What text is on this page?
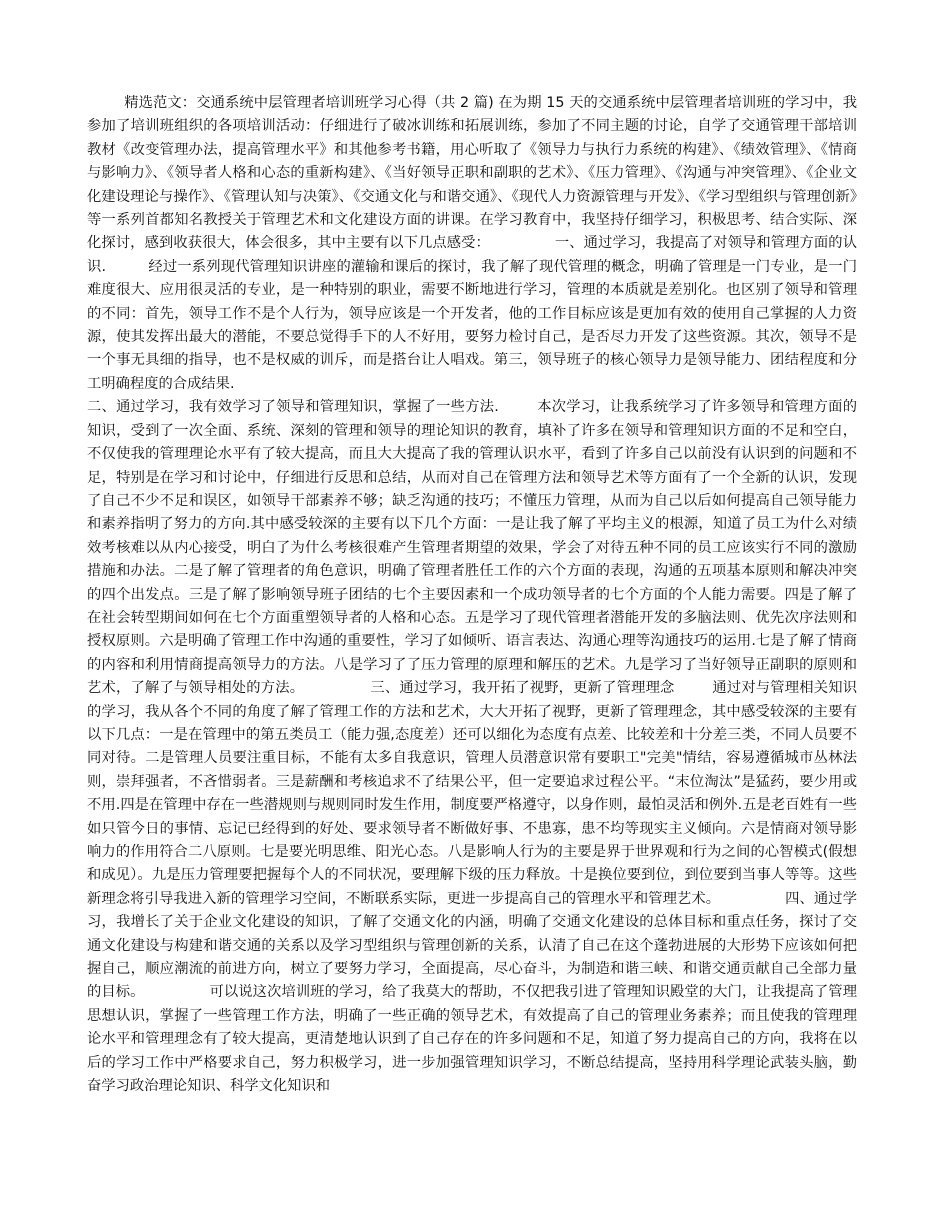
精选范文：交通系统中层管理者培训班学习心得（共 2 篇) 在为期 15 天的交通系统中层管理者培训班的学习中，我参加了培训班组织的各项培训活动：仔细进行了破冰训练和拓展训练，参加了不同主题的讨论，自学了交通管理干部培训教材《改变管理办法，提高管理水平》和其他参考书籍，用心听取了《领导力与执行力系统的构建》、《绩效管理》、《情商与影响力》、《领导者人格和心态的重新构建》、《当好领导正职和副职的艺术》、《压力管理》、《沟通与冲突管理》、《企业文化建设理论与操作》、《管理认知与决策》、《交通文化与和谐交通》、《现代人力资源管理与开发》、《学习型组织与管理创新》等一系列首都知名教授关于管理艺术和文化建设方面的讲课。在学习教育中，我坚持仔细学习，积极思考、结合实际、深化探讨，感到收获很大，体会很多，其中主要有以下几点感受：              一、通过学习，我提高了对领导和管理方面的认识.         经过一系列现代管理知识讲座的灌输和课后的探讨，我了解了现代管理的概念，明确了管理是一门专业，是一门难度很大、应用很灵活的专业，是一种特别的职业，需要不断地进行学习，管理的本质就是差别化。也区别了领导和管理的不同：首先，领导工作不是个人行为，领导应该是一个开发者，他的工作目标应该是更加有效的使用自己掌握的人力资源，使其发挥出最大的潜能，不要总觉得手下的人不好用，要努力检讨自己，是否尽力开发了这些资源。其次，领导不是一个事无具细的指导，也不是权威的训斥，而是搭台让人唱戏。第三，领导班子的核心领导力是领导能力、团结程度和分工明确程度的合成结果.
二、通过学习，我有效学习了领导和管理知识，掌握了一些方法.        本次学习，让我系统学习了许多领导和管理方面的知识，受到了一次全面、系统、深刻的管理和领导的理论知识的教育，填补了许多在领导和管理知识方面的不足和空白，不仅使我的管理理论水平有了较大提高，而且大大提高了我的管理认识水平，看到了许多自己以前没有认识到的问题和不足，特别是在学习和讨论中，仔细进行反思和总结，从而对自己在管理方法和领导艺术等方面有了一个全新的认识，发现了自己不少不足和误区，如领导干部素养不够；缺乏沟通的技巧；不懂压力管理，从而为自己以后如何提高自己领导能力和素养指明了努力的方向.其中感受较深的主要有以下几个方面：一是让我了解了平均主义的根源，知道了员工为什么对绩效考核难以从内心接受，明白了为什么考核很难产生管理者期望的效果，学会了对待五种不同的员工应该实行不同的激励措施和办法。二是了解了管理者的角色意识，明确了管理者胜任工作的六个方面的表现，沟通的五项基本原则和解决冲突的四个出发点。三是了解了影响领导班子团结的七个主要因素和一个成功领导者的七个方面的个人能力需要。四是了解了在社会转型期间如何在七个方面重塑领导者的人格和心态。五是学习了现代管理者潜能开发的多脑法则、优先次序法则和授权原则。六是明确了管理工作中沟通的重要性，学习了如倾听、语言表达、沟通心理等沟通技巧的运用.七是了解了情商的内容和利用情商提高领导力的方法。八是学习了了压力管理的原理和解压的艺术。九是学习了当好领导正副职的原则和艺术，了解了与领导相处的方法。              三、通过学习，我开拓了视野，更新了管理理念        通过对与管理相关知识的学习，我从各个不同的角度了解了管理工作的方法和艺术，大大开拓了视野，更新了管理理念，其中感受较深的主要有以下几点：一是在管理中的第五类员工（能力强,态度差）还可以细化为态度有点差、比较差和十分差三类，不同人员要不同对待。二是管理人员要注重目标，不能有太多自我意识，管理人员潜意识常有要职工"完美"情结，容易遵循城市丛林法则，崇拜强者，不吝惜弱者。三是薪酬和考核追求不了结果公平，但一定要追求过程公平。“末位淘汰”是猛药，要少用或不用.四是在管理中存在一些潜规则与规则同时发生作用，制度要严格遵守，以身作则，最怕灵活和例外.五是老百姓有一些如只管今日的事情、忘记已经得到的好处、要求领导者不断做好事、不患寡，患不均等现实主义倾向。六是情商对领导影响力的作用符合二八原则。七是要光明思维、阳光心态。八是影响人行为的主要是界于世界观和行为之间的心智模式(假想和成见）。九是压力管理要把握每个人的不同状况，要理解下级的压力释放。十是换位要到位，到位要到当事人等等。这些新理念将引导我进入新的管理学习空间，不断联系实际，更进一步提高自己的管理水平和管理艺术。              四、通过学习，我增长了关于企业文化建设的知识，了解了交通文化的内涵，明确了交通文化建设的总体目标和重点任务，探讨了交通文化建设与构建和谐交通的关系以及学习型组织与管理创新的关系，认清了自己在这个蓬勃进展的大形势下应该如何把握自己，顺应潮流的前进方向，树立了要努力学习，全面提高，尽心奋斗，为制造和谐三峡、和谐交通贡献自己全部力量的目标。              可以说这次培训班的学习，给了我莫大的帮助，不仅把我引进了管理知识殿堂的大门，让我提高了管理思想认识，掌握了一些管理工作方法，明确了一些正确的领导艺术，有效提高了自己的管理业务素养；而且使我的管理理论水平和管理理念有了较大提高，更清楚地认识到了自己存在的许多问题和不足，知道了努力提高自己的方向，我将在以后的学习工作中严格要求自己，努力积极学习，进一步加强管理知识学习，不断总结提高，坚持用科学理论武装头脑，勤奋学习政治理论知识、科学文化知识和
